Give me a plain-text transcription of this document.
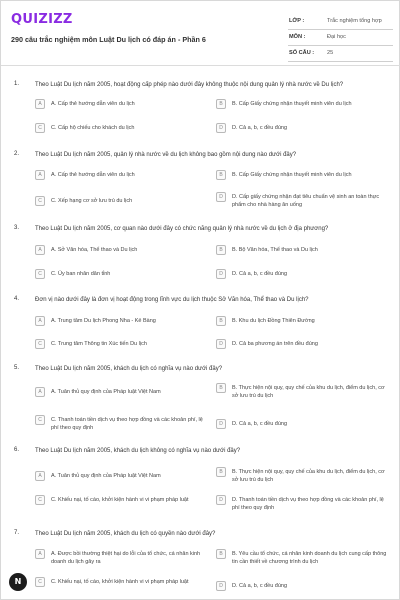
QUIZIZZ
290 câu trắc nghiệm môn Luật Du lịch có đáp án - Phần 6
LỚP :	Trắc nghiệm tổng hợp
MÔN :	Đại học
SỐ CÂU : 25
1.	Theo Luật Du lịch năm 2005, hoạt động cấp phép nào dưới đây không thuộc nội dung quản lý nhà nước về Du lịch?
A	A. Cấp thẻ hướng dẫn viên du lịch	B	B. Cấp Giấy chứng nhận thuyết minh viên du lịch
C	C. Cấp hộ chiếu cho khách du lịch	D	D. Cả a, b, c đều đúng
2.	Theo Luật Du lịch năm 2005, quản lý nhà nước về du lịch không bao gồm nội dung nào dưới đây?
A	A. Cấp thẻ hướng dẫn viên du lịch	B	B. Cấp Giấy chứng nhận thuyết minh viên du lịch
C	C. Xếp hạng cơ sở lưu trú du lịch
D	D. Cấp giấy chứng nhận đạt tiêu chuẩn vệ sinh an toàn thực phẩm cho nhà hàng ăn uống
3.	Theo Luật Du lịch năm 2005, cơ quan nào dưới đây có chức năng quản lý nhà nước về du lịch ở địa phương?
A	A. Sở Văn hóa, Thể thao và Du lịch	B	B. Bộ Văn hóa, Thể thao và Du lịch
C	C. Ủy ban nhân dân tỉnh	D	D. Cả a, b, c đều đúng
4.	Đơn vị nào dưới đây là đơn vị hoạt động trong lĩnh vực du lịch thuộc Sở Văn hóa, Thể thao và Du lịch?
A	A. Trung tâm Du lịch Phong Nha - Kẻ Bàng	B	B. Khu du lịch Đồng Thiên Đường
C	C. Trung tâm Thông tin Xúc tiến Du lịch	D	D. Cả ba phương án trên đều đúng
5.	Theo Luật Du lịch năm 2005, khách du lịch có nghĩa vụ nào dưới đây?
A	A. Tuân thủ quy định của Pháp luật Việt Nam
B	B. Thực hiện nội quy, quy chế của khu du lịch, điểm du lịch, cơ sở lưu trú du lịch
C	C. Thanh toán tiền dịch vụ theo hợp đồng và các khoản phí, lệ phí theo quy định
D	D. Cả a, b, c đều đúng
6.	Theo Luật Du lịch năm 2005, khách du lịch không có nghĩa vụ nào dưới đây?
A	A. Tuân thủ quy định của Pháp luật Việt Nam
B	B. Thực hiện nội quy, quy chế của khu du lịch, điểm du lịch, cơ sở lưu trú du lịch
C	C. Khiếu nại, tố cáo, khởi kiện hành vi vi phạm pháp luật	D	D. Thanh toán tiền dịch vụ theo hợp đồng và các khoản phí, lệ phí theo quy định
7.	Theo Luật Du lịch năm 2005, khách du lịch có quyền nào dưới đây?
A	A. Được bồi thường thiệt hại do lỗi của tổ chức, cá nhân kinh doanh du lịch gây ra
B	B. Yêu cầu tổ chức, cá nhân kinh doanh du lịch cung cấp thông tin cần thiết về chương trình du lịch
C	C. Khiếu nại, tố cáo, khởi kiện hành vi vi phạm pháp luật
D	D. Cả a, b, c đều đúng
N
